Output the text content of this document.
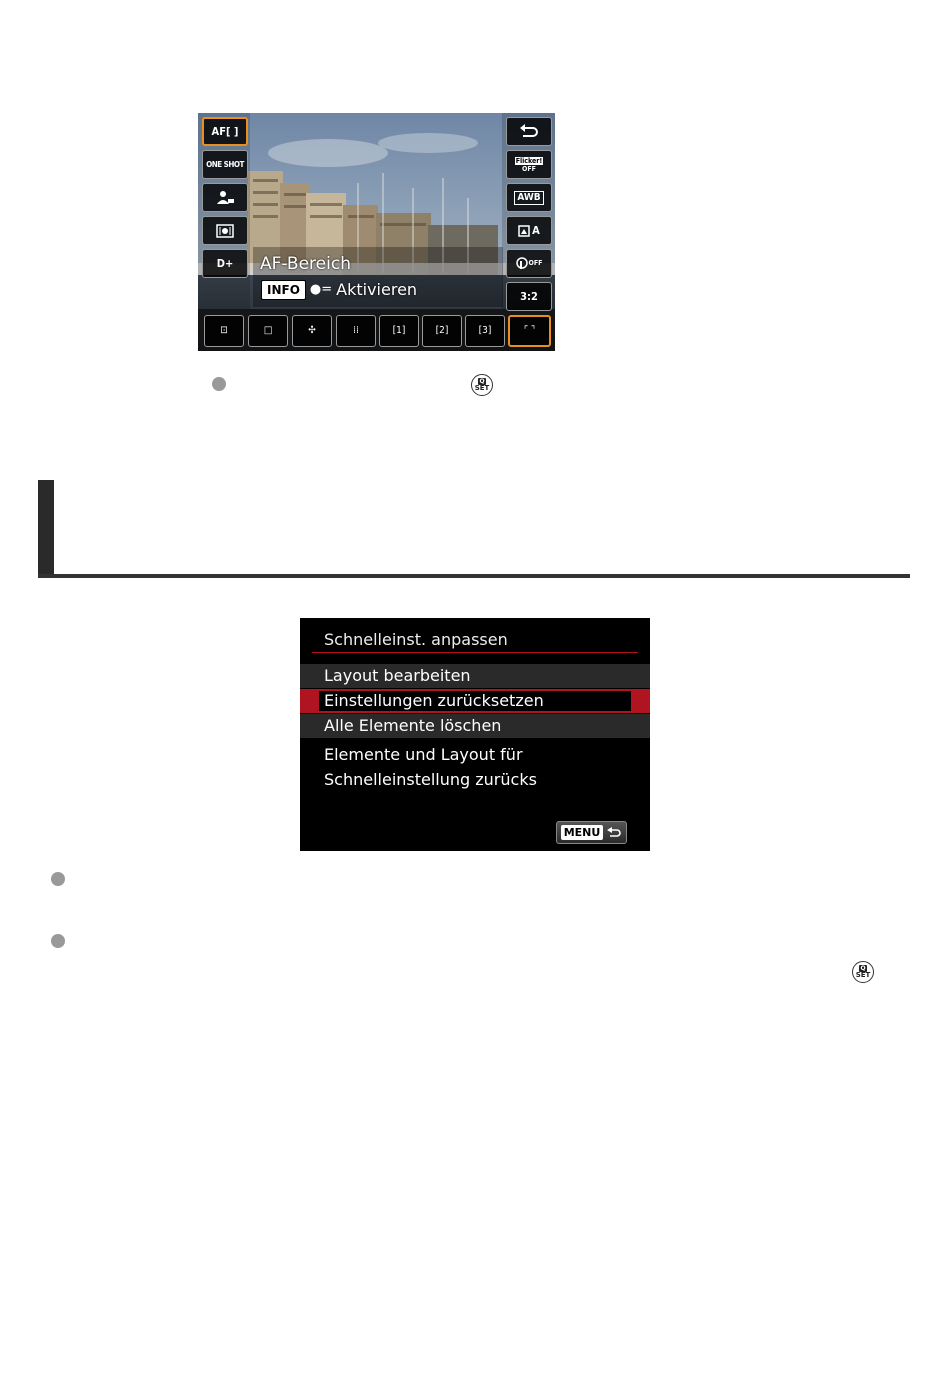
AF[ ]
ONE SHOT
D+
Flicker!
OFF
AWB
A
OFF
3:2
AF-Bereich
INFO ●= Aktivieren
⊡	□	✣	⁞⁞	[1]	[2]	[3]	⌜ ⌝
Q
SET
Schnelleinst. anpassen
Layout bearbeiten
Einstellungen zurücksetzen
Alle Elemente löschen
Elemente und Layout für
Schnelleinstellung zurücks
MENU
Q
SET
